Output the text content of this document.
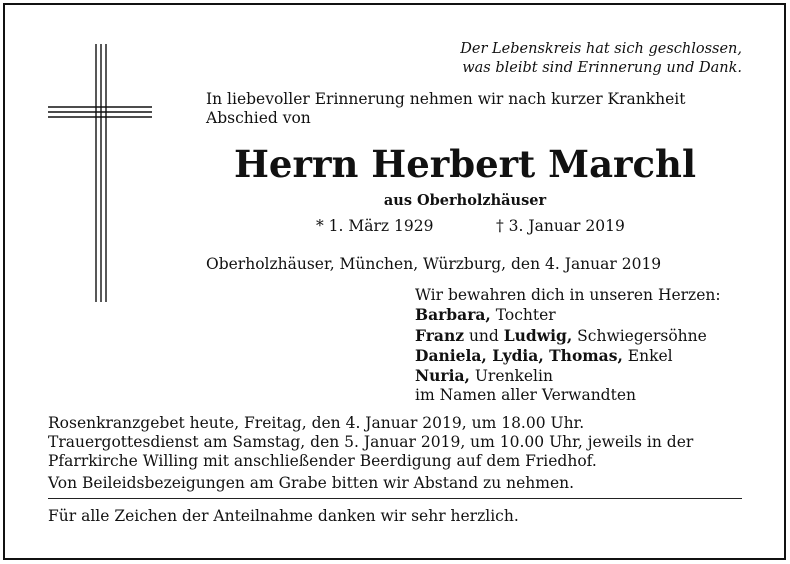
Der Lebenskreis hat sich geschlossen,
was bleibt sind Erinnerung und Dank.
In liebevoller Erinnerung nehmen wir nach kurzer Krankheit Abschied von
Herrn Herbert Marchl
aus Oberholzhäuser
* 1. März 1929	† 3. Januar 2019
Oberholzhäuser, München, Würzburg, den 4. Januar 2019
Wir bewahren dich in unseren Herzen:
Barbara, Tochter
Franz und Ludwig, Schwiegersöhne
Daniela, Lydia, Thomas, Enkel
Nuria, Urenkelin
im Namen aller Verwandten
Rosenkranzgebet heute, Freitag, den 4. Januar 2019, um 18.00 Uhr.
Trauergottesdienst am Samstag, den 5. Januar 2019, um 10.00 Uhr, jeweils in der
Pfarrkirche Willing mit anschließender Beerdigung auf dem Friedhof.
Von Beileidsbezeigungen am Grabe bitten wir Abstand zu nehmen.
Für alle Zeichen der Anteilnahme danken wir sehr herzlich.
